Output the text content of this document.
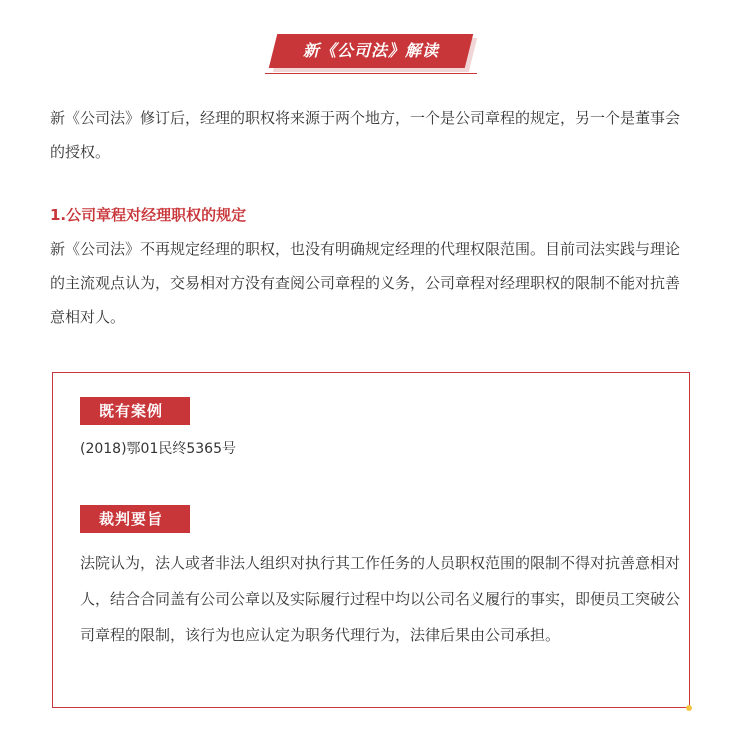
新《公司法》解读

新《公司法》修订后，经理的职权将来源于两个地方，一个是公司章程的规定，另一个是董事会的授权。

1.公司章程对经理职权的规定

新《公司法》不再规定经理的职权，也没有明确规定经理的代理权限范围。目前司法实践与理论的主流观点认为，交易相对方没有查阅公司章程的义务，公司章程对经理职权的限制不能对抗善意相对人。

既有案例
(2018)鄂01民终5365号
裁判要旨

法院认为，法人或者非法人组织对执行其工作任务的人员职权范围的限制不得对抗善意相对人，结合合同盖有公司公章以及实际履行过程中均以公司名义履行的事实，即便员工突破公司章程的限制，该行为也应认定为职务代理行为，法律后果由公司承担。
